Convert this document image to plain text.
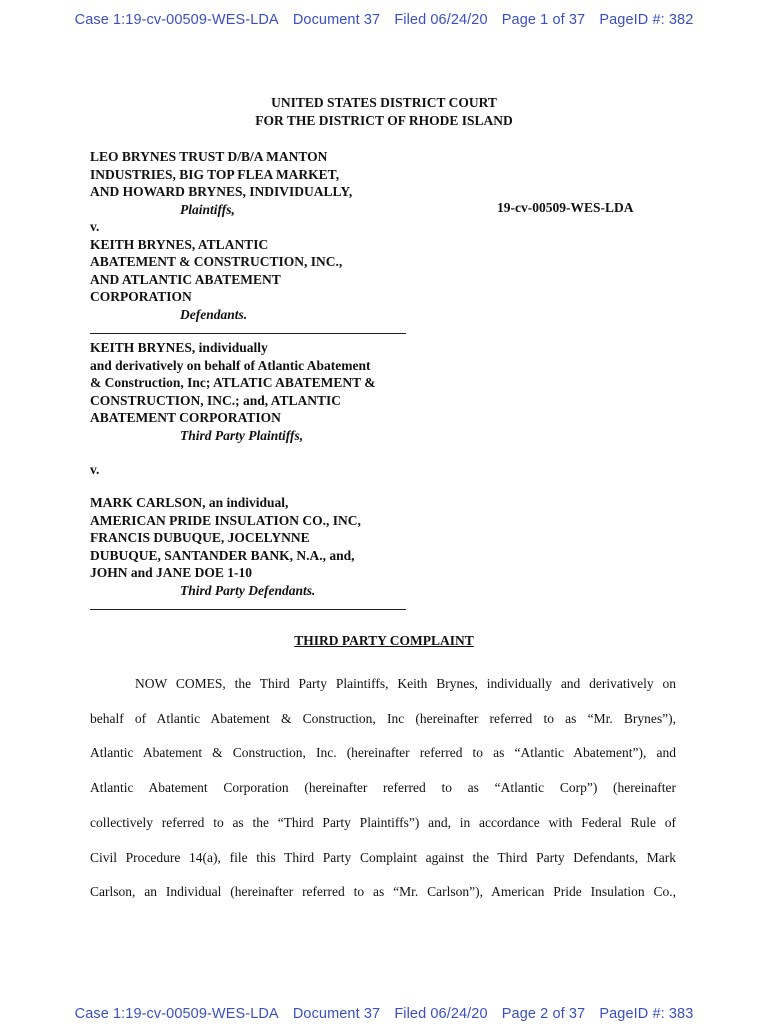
Case 1:19-cv-00509-WES-LDA Document 37 Filed 06/24/20 Page 1 of 37 PageID #: 382
UNITED STATES DISTRICT COURT
FOR THE DISTRICT OF RHODE ISLAND
LEO BRYNES TRUST D/B/A MANTON
INDUSTRIES, BIG TOP FLEA MARKET,
AND HOWARD BRYNES, INDIVIDUALLY,
Plaintiffs,
v.
KEITH BRYNES, ATLANTIC
ABATEMENT & CONSTRUCTION, INC.,
AND ATLANTIC ABATEMENT
CORPORATION
Defendants.
19-cv-00509-WES-LDA
KEITH BRYNES, individually
and derivatively on behalf of Atlantic Abatement
& Construction, Inc; ATLATIC ABATEMENT &
CONSTRUCTION, INC.; and, ATLANTIC
ABATEMENT CORPORATION
Third Party Plaintiffs,
v.
MARK CARLSON, an individual,
AMERICAN PRIDE INSULATION CO., INC,
FRANCIS DUBUQUE, JOCELYNNE
DUBUQUE, SANTANDER BANK, N.A., and,
JOHN and JANE DOE 1-10
Third Party Defendants.
THIRD PARTY COMPLAINT
NOW COMES, the Third Party Plaintiffs, Keith Brynes, individually and derivatively on
behalf of Atlantic Abatement & Construction, Inc (hereinafter referred to as “Mr. Brynes”),
Atlantic Abatement & Construction, Inc. (hereinafter referred to as “Atlantic Abatement”), and
Atlantic Abatement Corporation (hereinafter referred to as “Atlantic Corp”) (hereinafter
collectively referred to as the “Third Party Plaintiffs”) and, in accordance with Federal Rule of
Civil Procedure 14(a), file this Third Party Complaint against the Third Party Defendants, Mark
Carlson, an Individual (hereinafter referred to as “Mr. Carlson”), American Pride Insulation Co.,
Case 1:19-cv-00509-WES-LDA Document 37 Filed 06/24/20 Page 2 of 37 PageID #: 383
